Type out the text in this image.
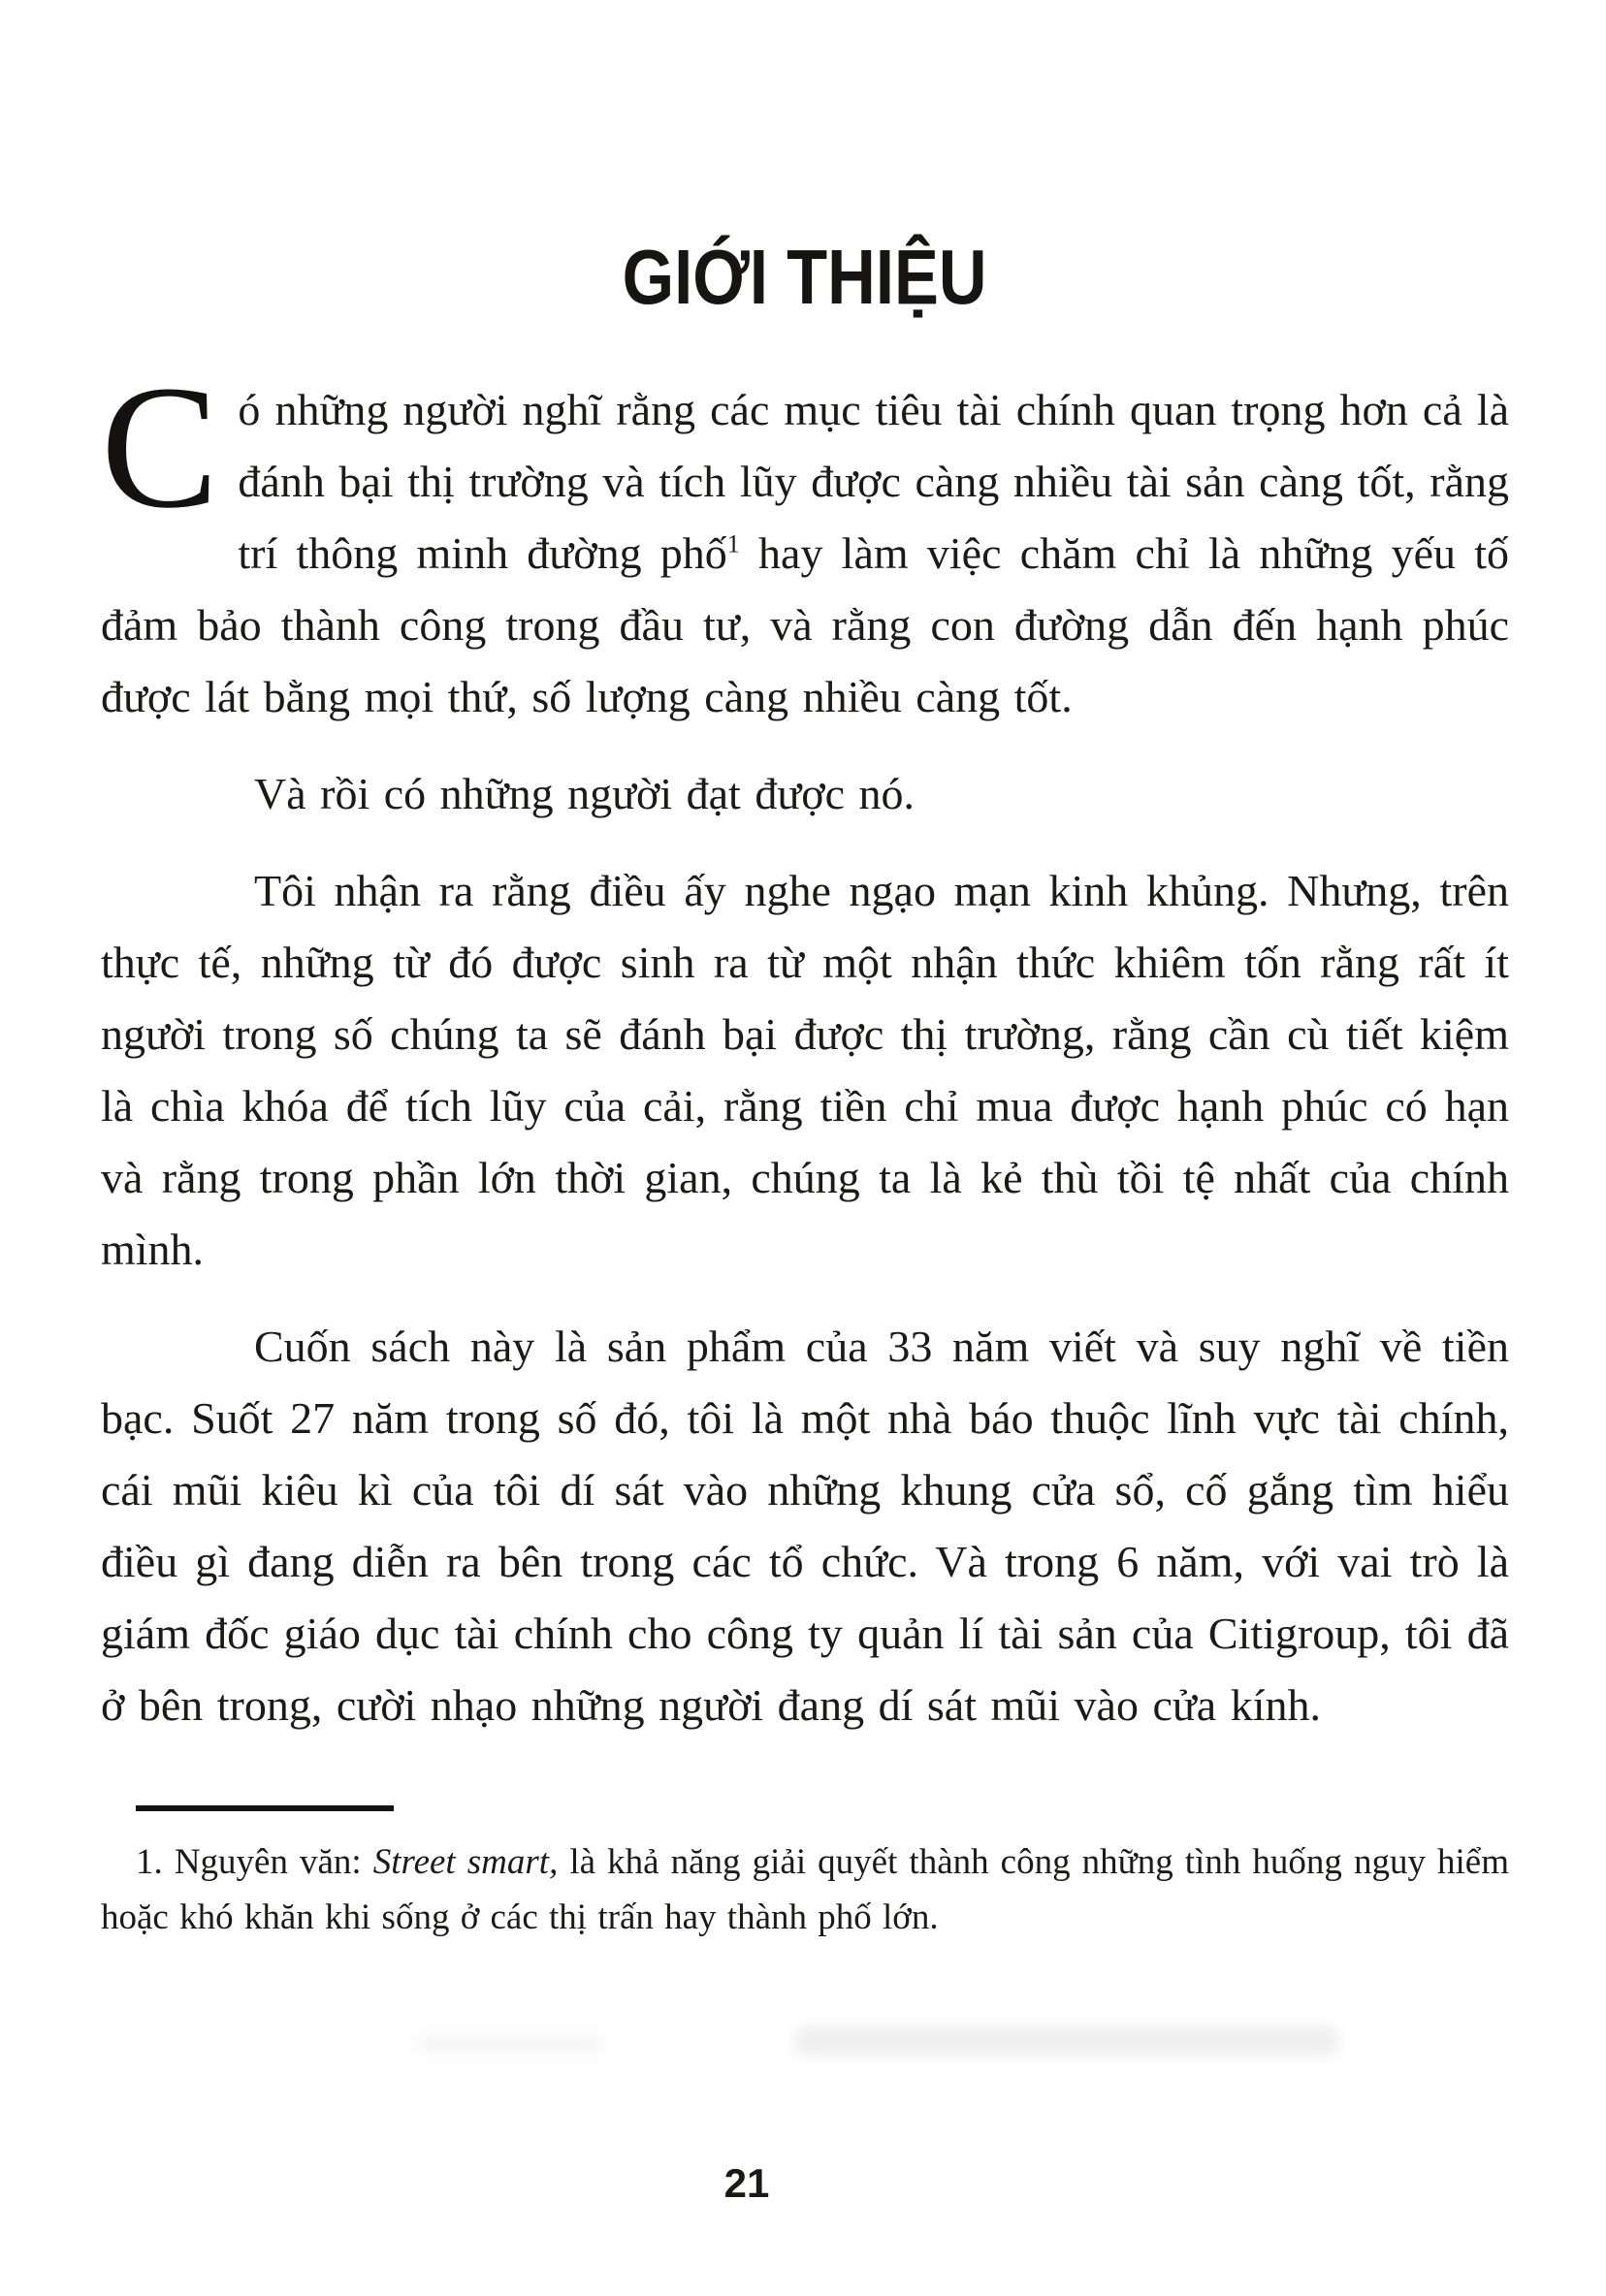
GIỚI THIỆU

Có những người nghĩ rằng các mục tiêu tài chính quan trọng hơn cả là đánh bại thị trường và tích lũy được càng nhiều tài sản càng tốt, rằng trí thông minh đường phố$^1$ hay làm việc chăm chỉ là những yếu tố đảm bảo thành công trong đầu tư, và rằng con đường dẫn đến hạnh phúc được lát bằng mọi thứ, số lượng càng nhiều càng tốt.

Và rồi có những người đạt được nó.

Tôi nhận ra rằng điều ấy nghe ngạo mạn kinh khủng. Nhưng, trên thực tế, những từ đó được sinh ra từ một nhận thức khiêm tốn rằng rất ít người trong số chúng ta sẽ đánh bại được thị trường, rằng cần cù tiết kiệm là chìa khóa để tích lũy của cải, rằng tiền chỉ mua được hạnh phúc có hạn và rằng trong phần lớn thời gian, chúng ta là kẻ thù tồi tệ nhất của chính mình.

Cuốn sách này là sản phẩm của 33 năm viết và suy nghĩ về tiền bạc. Suốt 27 năm trong số đó, tôi là một nhà báo thuộc lĩnh vực tài chính, cái mũi kiêu kì của tôi dí sát vào những khung cửa sổ, cố gắng tìm hiểu điều gì đang diễn ra bên trong các tổ chức. Và trong 6 năm, với vai trò là giám đốc giáo dục tài chính cho công ty quản lí tài sản của Citigroup, tôi đã ở bên trong, cười nhạo những người đang dí sát mũi vào cửa kính.

1. Nguyên văn: Street smart, là khả năng giải quyết thành công những tình huống nguy hiểm hoặc khó khăn khi sống ở các thị trấn hay thành phố lớn.
21
